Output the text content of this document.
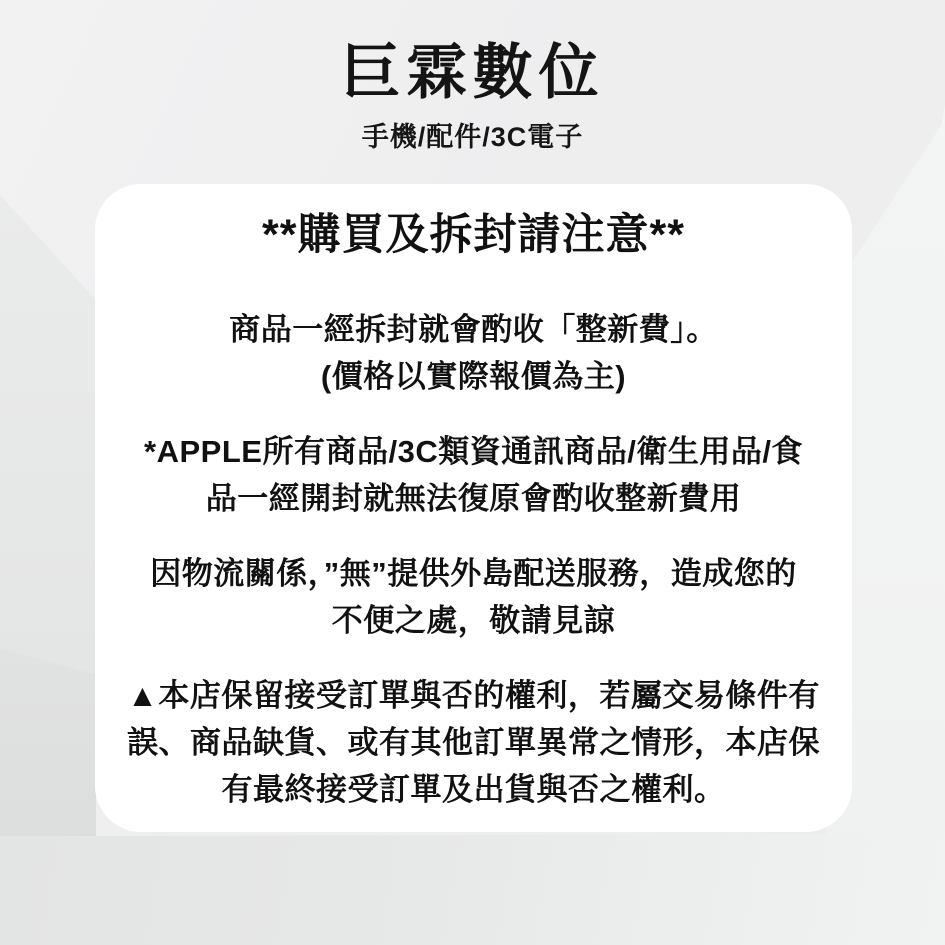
巨霖數位
手機/配件/3C電子
**購買及拆封請注意**

商品一經拆封就會酌收「整新費」。
(價格以實際報價為主)

*APPLE所有商品/3C類資通訊商品/衛生用品/食
品一經開封就無法復原會酌收整新費用

因物流關係，”無”提供外島配送服務，造成您的
不便之處，敬請見諒

▲本店保留接受訂單與否的權利，若屬交易條件有
誤、商品缺貨、或有其他訂單異常之情形，本店保
有最終接受訂單及出貨與否之權利。
